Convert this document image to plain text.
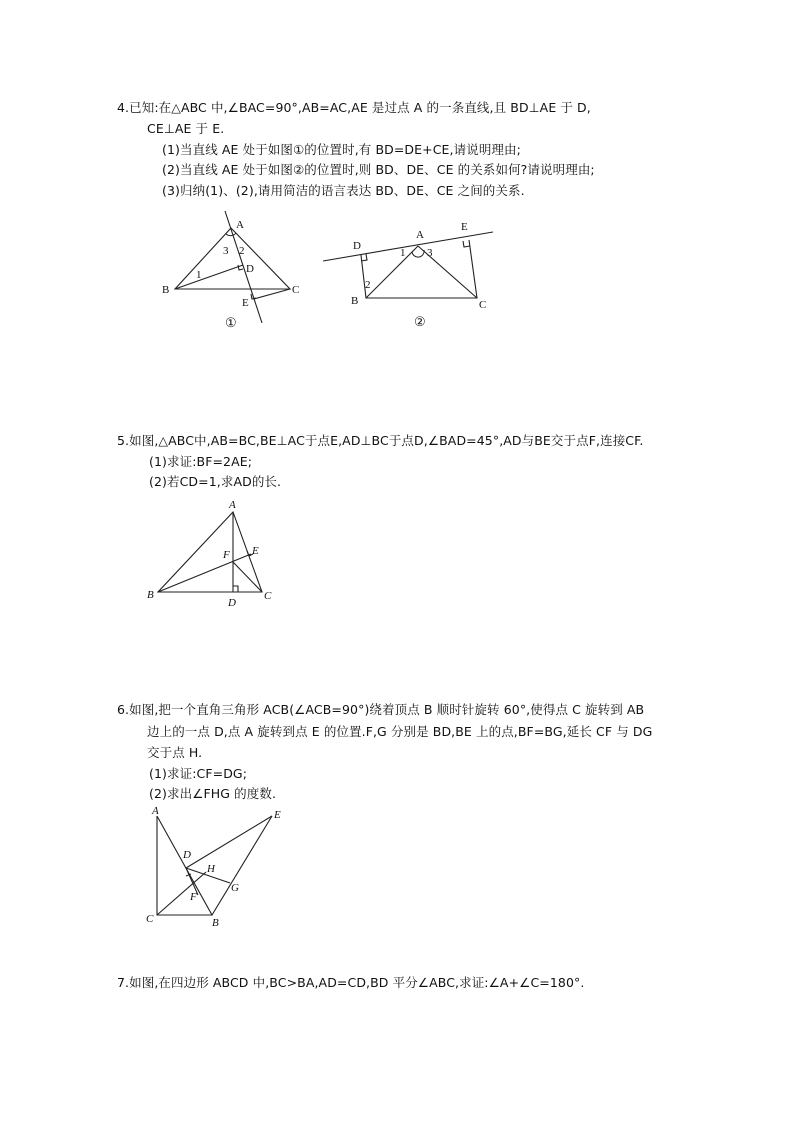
4.已知:在△ABC 中,∠BAC=90°,AB=AC,AE 是过点 A 的一条直线,且 BD⊥AE 于 D,
CE⊥AE 于 E.
(1)当直线 AE 处于如图①的位置时,有 BD=DE+CE,请说明理由;
(2)当直线 AE 处于如图②的位置时,则 BD、DE、CE 的关系如何?请说明理由;
(3)归纳(1)、(2),请用简洁的语言表达 BD、DE、CE 之间的关系.
A
B	C
D
E
1
2
3
①
A
B	C
D
E
1
2
3
②
5.如图,△ABC中,AB=BC,BE⊥AC于点E,AD⊥BC于点D,∠BAD=45°,AD与BE交于点F,连接CF.
(1)求证:BF=2AE;
(2)若CD=1,求AD的长.
A
B	C
D
E
F
6.如图,把一个直角三角形 ACB(∠ACB=90°)绕着顶点 B 顺时针旋转 60°,使得点 C 旋转到 AB
边上的一点 D,点 A 旋转到点 E 的位置.F,G 分别是 BD,BE 上的点,BF=BG,延长 CF 与 DG
交于点 H.
(1)求证:CF=DG;
(2)求出∠FHG 的度数.
A
B
C
D
E
F
G
H
7.如图,在四边形 ABCD 中,BC>BA,AD=CD,BD 平分∠ABC,求证:∠A+∠C=180°.
